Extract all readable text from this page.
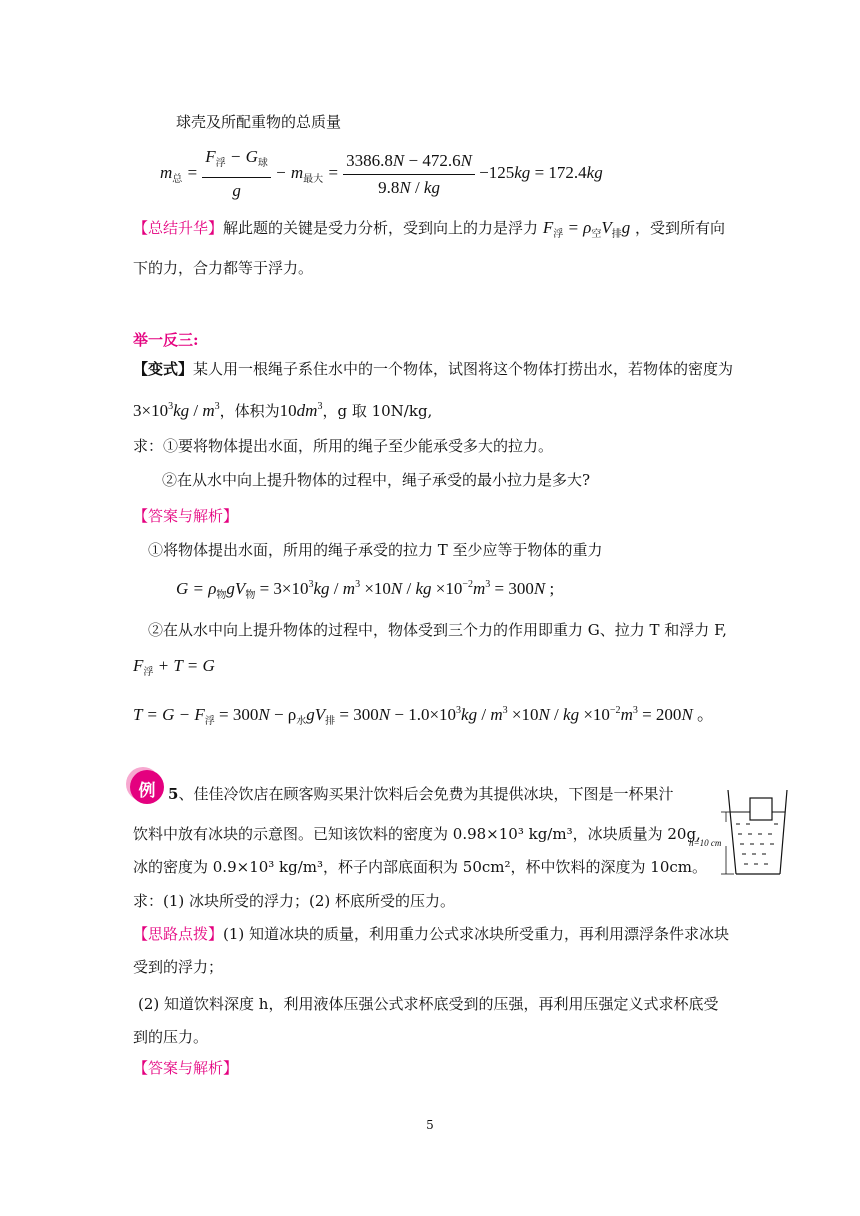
球壳及所配重物的总质量
$m_总 = \frac{F_浮 - G_球}{g} - m_{最大} = \frac{3386.8N - 472.6N}{9.8N / kg} -125kg = 172.4kg$
【总结升华】解此题的关键是受力分析，受到向上的力是浮力 $F_浮 = \rho_空V_排g$ ，受到所有向
下的力，合力都等于浮力。
举一反三:
【变式】某人用一根绳子系住水中的一个物体，试图将这个物体打捞出水，若物体的密度为
$3\times 10^3kg / m^3$，体积为$10dm^3$，g 取 10N/kg,
求：①要将物体提出水面，所用的绳子至少能承受多大的拉力。
②在从水中向上提升物体的过程中，绳子承受的最小拉力是多大?
【答案与解析】
①将物体提出水面，所用的绳子承受的拉力 T 至少应等于物体的重力
$G = \rho_物gV_物 = 3\times 10^3kg / m^3 \times 10N$ / kg $\times 10^{-2}m^3 = 300N$ ;
②在从水中向上提升物体的过程中，物体受到三个力的作用即重力 G、拉力 T 和浮力 F,
$F_浮 + T = G$
$T = G - F_浮 = 300N - \rho_水gV_排 = 300N - 1.0\times 10^3kg / m^3 \times 10N$ / kg $\times 10^{-2}m^3 = 200N$ 。
例 5、佳佳冷饮店在顾客购买果汁饮料后会免费为其提供冰块，下图是一杯果汁
饮料中放有冰块的示意图。已知该饮料的密度为 0.98×10³ kg/m³，冰块质量为 20g,
冰的密度为 0.9×10³ kg/m³，杯子内部底面积为 50cm²，杯中饮料的深度为 10cm。
求：(1) 冰块所受的浮力；(2) 杯底所受的压力。
h=10 cm
【思路点拨】(1) 知道冰块的质量，利用重力公式求冰块所受重力，再利用漂浮条件求冰块
受到的浮力；
(2) 知道饮料深度 h，利用液体压强公式求杯底受到的压强，再利用压强定义式求杯底受
到的压力。
【答案与解析】
5
